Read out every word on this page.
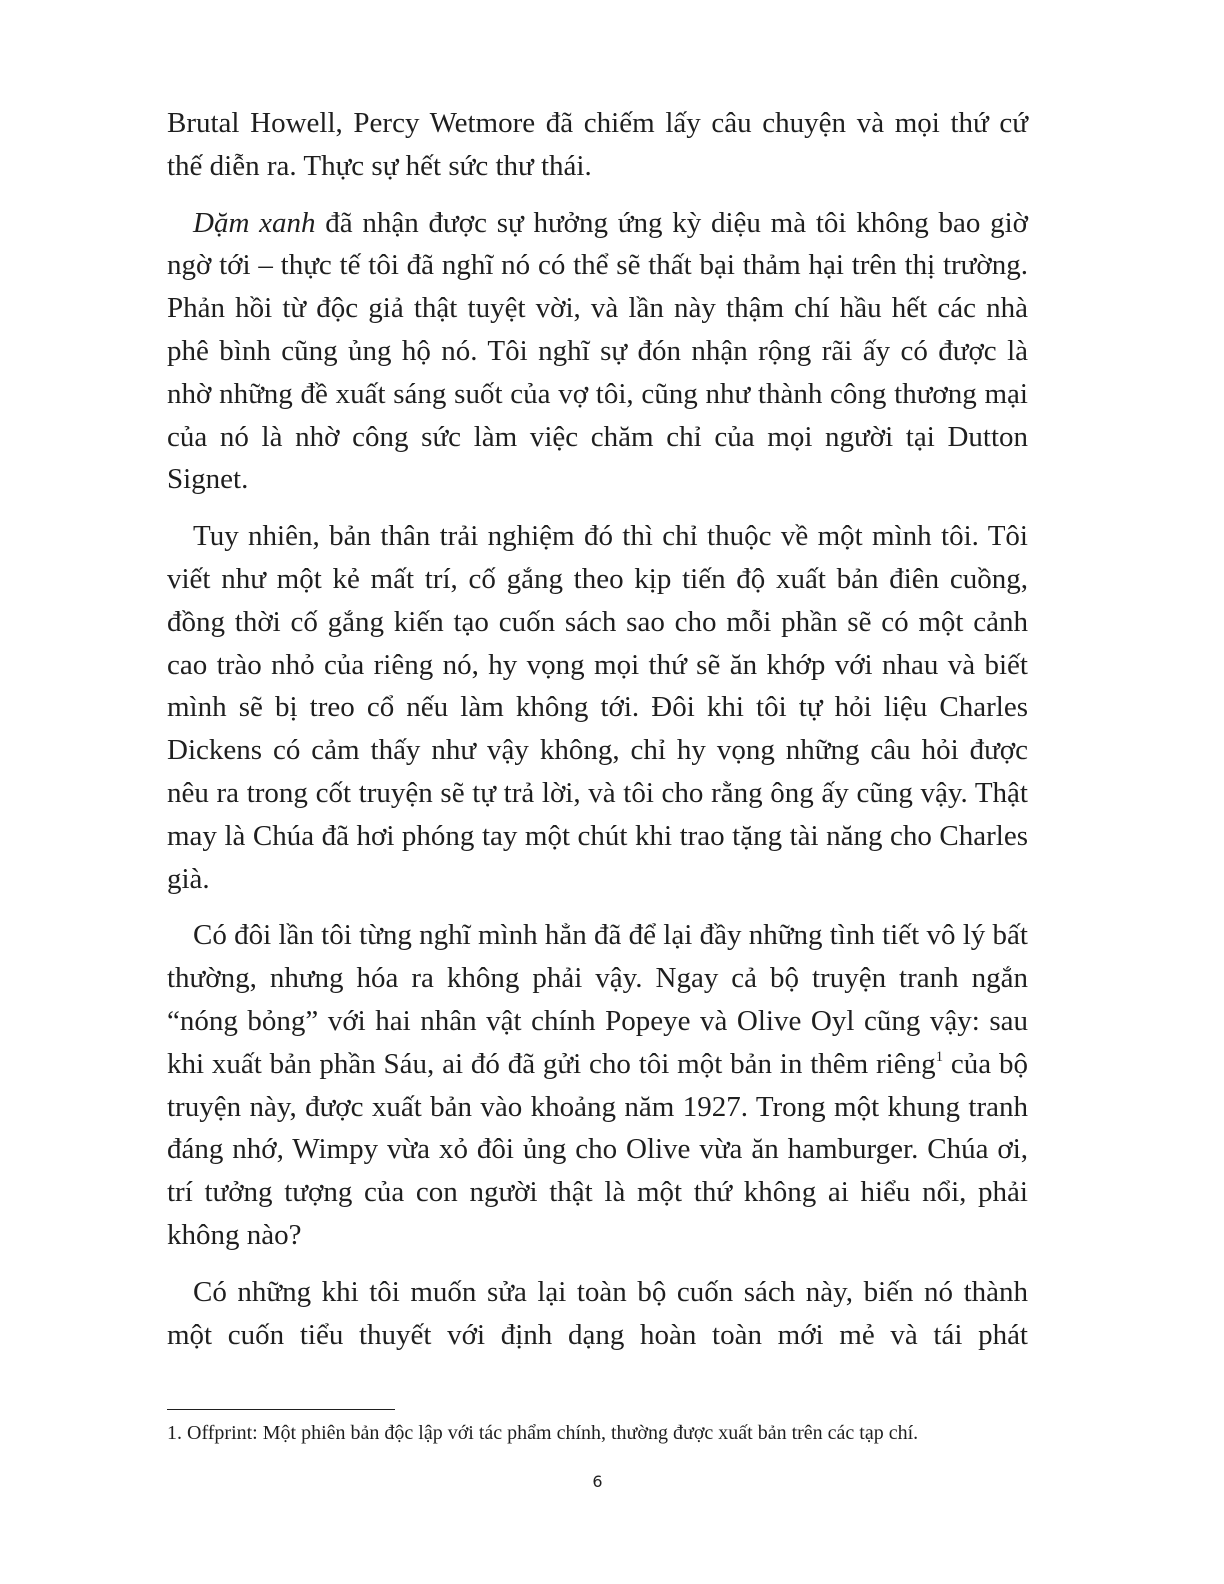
Brutal Howell, Percy Wetmore đã chiếm lấy câu chuyện và mọi thứ cứ thế diễn ra. Thực sự hết sức thư thái.

Dặm xanh đã nhận được sự hưởng ứng kỳ diệu mà tôi không bao giờ ngờ tới – thực tế tôi đã nghĩ nó có thể sẽ thất bại thảm hại trên thị trường. Phản hồi từ độc giả thật tuyệt vời, và lần này thậm chí hầu hết các nhà phê bình cũng ủng hộ nó. Tôi nghĩ sự đón nhận rộng rãi ấy có được là nhờ những đề xuất sáng suốt của vợ tôi, cũng như thành công thương mại của nó là nhờ công sức làm việc chăm chỉ của mọi người tại Dutton Signet.

Tuy nhiên, bản thân trải nghiệm đó thì chỉ thuộc về một mình tôi. Tôi viết như một kẻ mất trí, cố gắng theo kịp tiến độ xuất bản điên cuồng, đồng thời cố gắng kiến tạo cuốn sách sao cho mỗi phần sẽ có một cảnh cao trào nhỏ của riêng nó, hy vọng mọi thứ sẽ ăn khớp với nhau và biết mình sẽ bị treo cổ nếu làm không tới. Đôi khi tôi tự hỏi liệu Charles Dickens có cảm thấy như vậy không, chỉ hy vọng những câu hỏi được nêu ra trong cốt truyện sẽ tự trả lời, và tôi cho rằng ông ấy cũng vậy. Thật may là Chúa đã hơi phóng tay một chút khi trao tặng tài năng cho Charles già.

Có đôi lần tôi từng nghĩ mình hẳn đã để lại đầy những tình tiết vô lý bất thường, nhưng hóa ra không phải vậy. Ngay cả bộ truyện tranh ngắn “nóng bỏng” với hai nhân vật chính Popeye và Olive Oyl cũng vậy: sau khi xuất bản phần Sáu, ai đó đã gửi cho tôi một bản in thêm riêng$^1$ của bộ truyện này, được xuất bản vào khoảng năm 1927. Trong một khung tranh đáng nhớ, Wimpy vừa xỏ đôi ủng cho Olive vừa ăn hamburger. Chúa ơi, trí tưởng tượng của con người thật là một thứ không ai hiểu nổi, phải không nào?

Có những khi tôi muốn sửa lại toàn bộ cuốn sách này, biến nó thành một cuốn tiểu thuyết với định dạng hoàn toàn mới mẻ và tái phát

1. Offprint: Một phiên bản độc lập với tác phẩm chính, thường được xuất bản trên các tạp chí.
6
